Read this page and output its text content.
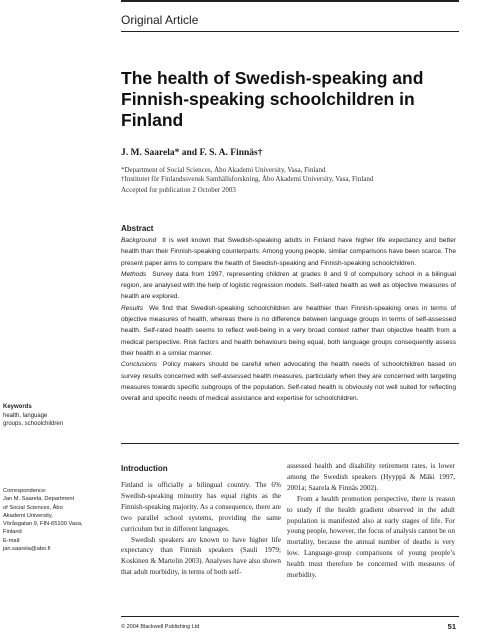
Original Article
The health of Swedish-speaking and Finnish-speaking schoolchildren in Finland
J. M. Saarela* and F. S. A. Finnäs†
*Department of Social Sciences, Åbo Akademi University, Vasa, Finland
†Institutet för Finlandssvensk Samhällsforskning, Åbo Akademi University, Vasa, Finland
Accepted for publication 2 October 2003
Abstract

Background It is well known that Swedish-speaking adults in Finland have higher life expectancy and better health than their Finnish-speaking counterparts. Among young people, similar comparisons have been scarce. The present paper aims to compare the health of Swedish-speaking and Finnish-speaking schoolchildren.

Methods Survey data from 1997, representing children at grades 8 and 9 of compulsory school in a bilingual region, are analysed with the help of logistic regression models. Self-rated health as well as objective measures of health are explored.

Results We find that Swedish-speaking schoolchildren are healthier than Finnish-speaking ones in terms of objective measures of health, whereas there is no difference between language groups in terms of self-assessed health. Self-rated health seems to reflect well-being in a very broad context rather than objective health from a medical perspective. Risk factors and health behaviours being equal, both language groups consequently assess their health in a similar manner.

Conclusions Policy makers should be careful when advocating the health needs of schoolchildren based on survey results concerned with self-assessed health measures, particularly when they are concerned with targeting measures towards specific subgroups of the population. Self-rated health is obviously not well suited for reflecting overall and specific needs of medical assistance and expertise for schoolchildren.

Keywords
health, language
groups, schoolchildren
Correspondence:
Jan M. Saarela, Department
of Social Sciences, Åbo
Akademi University,
Vöråsgatan 9, FIN-65100 Vasa,
Finland
E-mail:
jan.saarela@abo.fi
Introduction

Finland is officially a bilingual country. The 6% Swedish-speaking minority has equal rights as the Finnish-speaking majority. As a consequence, there are two parallel school systems, providing the same curriculum but in different languages.

Swedish speakers are known to have higher life expectancy than Finnish speakers (Sauli 1979; Koskinen & Martelin 2003). Analyses have also shown that adult morbidity, in terms of both self-

assessed health and disability retirement rates, is lower among the Swedish speakers (Hyyppä & Mäki 1997, 2001a; Saarela & Finnäs 2002).

From a health promotion perspective, there is reason to study if the health gradient observed in the adult population is manifested also at early stages of life. For young people, however, the focus of analysis cannot be on mortality, because the annual number of deaths is very low. Language-group comparisons of young people’s health must therefore be concerned with measures of morbidity.

© 2004 Blackwell Publishing Ltd	51
